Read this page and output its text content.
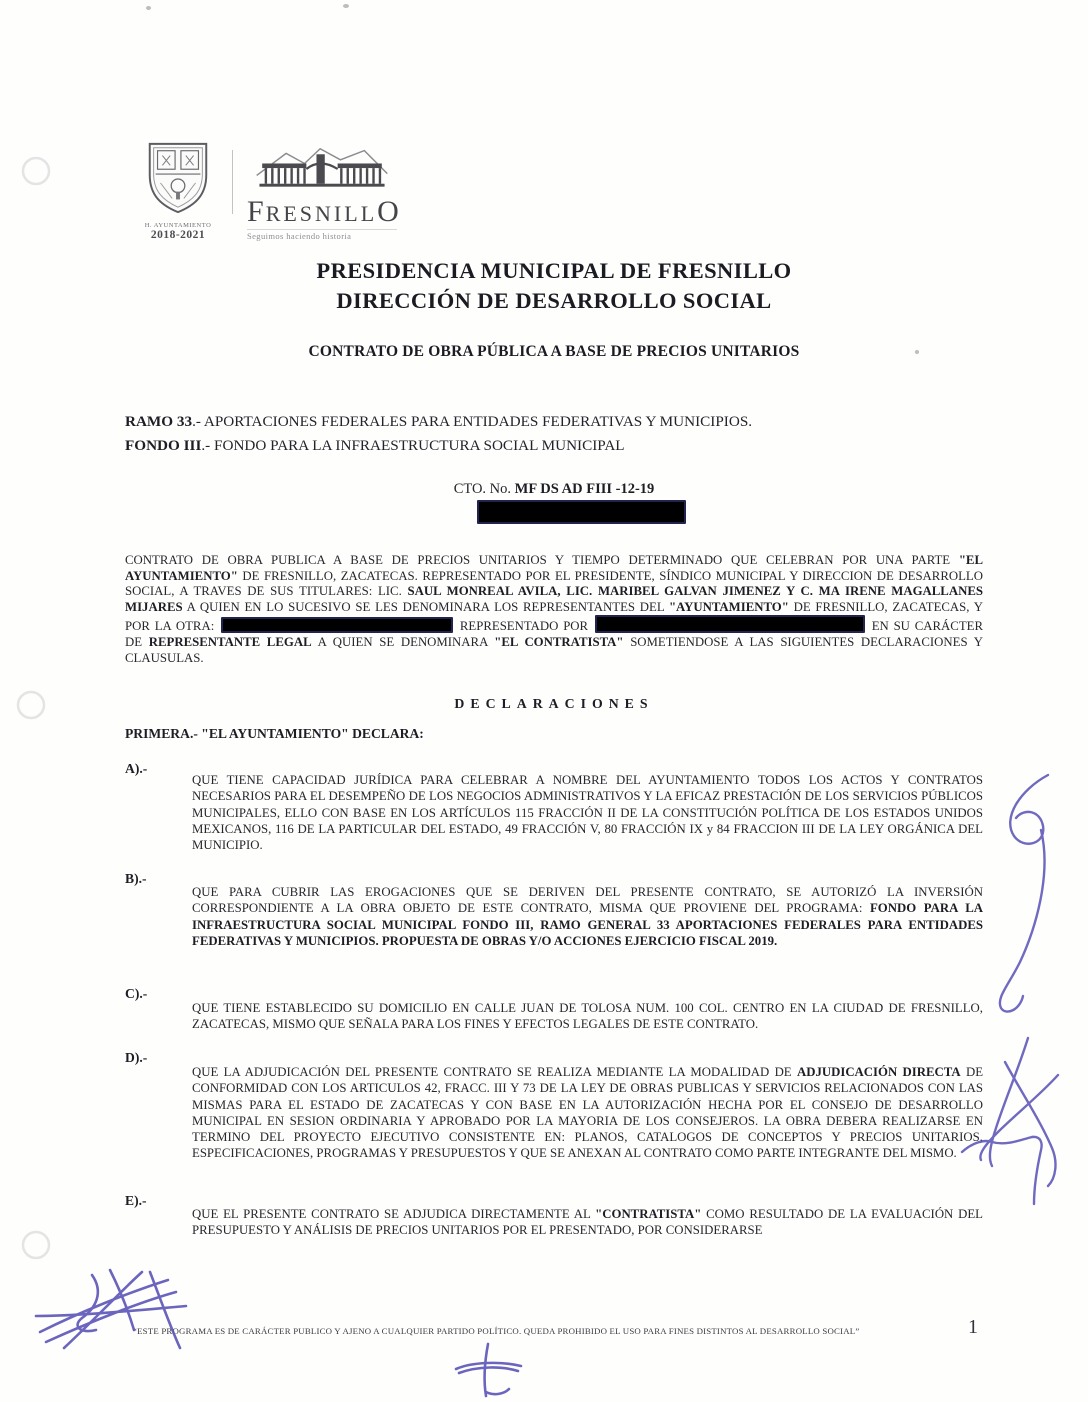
H. AYUNTAMIENTO
2018-2021
FRESNILLO
Seguimos haciendo historia
PRESIDENCIA MUNICIPAL DE FRESNILLO
DIRECCIÓN DE DESARROLLO SOCIAL
CONTRATO DE OBRA PÚBLICA A BASE DE PRECIOS UNITARIOS
RAMO 33.- APORTACIONES FEDERALES PARA ENTIDADES FEDERATIVAS Y MUNICIPIOS.
FONDO III.- FONDO PARA LA INFRAESTRUCTURA SOCIAL MUNICIPAL
CTO. No. MF DS AD FIII -12-19
CONTRATO DE OBRA PUBLICA A BASE DE PRECIOS UNITARIOS Y TIEMPO DETERMINADO QUE CELEBRAN POR UNA PARTE "EL AYUNTAMIENTO" DE FRESNILLO, ZACATECAS. REPRESENTADO POR EL PRESIDENTE, SÍNDICO MUNICIPAL Y DIRECCION DE DESARROLLO SOCIAL, A TRAVES DE SUS TITULARES: LIC. SAUL MONREAL AVILA, LIC. MARIBEL GALVAN JIMENEZ Y C. MA IRENE MAGALLANES MIJARES A QUIEN EN LO SUCESIVO SE LES DENOMINARA LOS REPRESENTANTES DEL "AYUNTAMIENTO" DE FRESNILLO, ZACATECAS, Y POR LA OTRA:	REPRESENTADO POR	EN SU CARÁCTER DE REPRESENTANTE LEGAL A QUIEN SE DENOMINARA "EL CONTRATISTA" SOMETIENDOSE A LAS SIGUIENTES DECLARACIONES Y CLAUSULAS.
DECLARACIONES
PRIMERA.- "EL AYUNTAMIENTO" DECLARA:
A).-
QUE TIENE CAPACIDAD JURÍDICA PARA CELEBRAR A NOMBRE DEL AYUNTAMIENTO TODOS LOS ACTOS Y CONTRATOS NECESARIOS PARA EL DESEMPEÑO DE LOS NEGOCIOS ADMINISTRATIVOS Y LA EFICAZ PRESTACIÓN DE LOS SERVICIOS PÚBLICOS MUNICIPALES, ELLO CON BASE EN LOS ARTÍCULOS 115 FRACCIÓN II DE LA CONSTITUCIÓN POLÍTICA DE LOS ESTADOS UNIDOS MEXICANOS, 116 DE LA PARTICULAR DEL ESTADO, 49 FRACCIÓN V, 80 FRACCIÓN IX y 84 FRACCION III DE LA LEY ORGÁNICA DEL MUNICIPIO.
B).-
QUE PARA CUBRIR LAS EROGACIONES QUE SE DERIVEN DEL PRESENTE CONTRATO, SE AUTORIZÓ LA INVERSIÓN CORRESPONDIENTE A LA OBRA OBJETO DE ESTE CONTRATO, MISMA QUE PROVIENE DEL PROGRAMA: FONDO PARA LA INFRAESTRUCTURA SOCIAL MUNICIPAL FONDO III, RAMO GENERAL 33 APORTACIONES FEDERALES PARA ENTIDADES FEDERATIVAS Y MUNICIPIOS. PROPUESTA DE OBRAS Y/O ACCIONES EJERCICIO FISCAL 2019.
C).-
QUE TIENE ESTABLECIDO SU DOMICILIO EN CALLE JUAN DE TOLOSA NUM. 100 COL. CENTRO EN LA CIUDAD DE FRESNILLO, ZACATECAS, MISMO QUE SEÑALA PARA LOS FINES Y EFECTOS LEGALES DE ESTE CONTRATO.
D).-
QUE LA ADJUDICACIÓN DEL PRESENTE CONTRATO SE REALIZA MEDIANTE LA MODALIDAD DE ADJUDICACIÓN DIRECTA DE CONFORMIDAD CON LOS ARTICULOS 42, FRACC. III Y 73 DE LA LEY DE OBRAS PUBLICAS Y SERVICIOS RELACIONADOS CON LAS MISMAS PARA EL ESTADO DE ZACATECAS Y CON BASE EN LA AUTORIZACIÓN HECHA POR EL CONSEJO DE DESARROLLO MUNICIPAL EN SESION ORDINARIA Y APROBADO POR LA MAYORIA DE LOS CONSEJEROS. LA OBRA DEBERA REALIZARSE EN TERMINO DEL PROYECTO EJECUTIVO CONSISTENTE EN: PLANOS, CATALOGOS DE CONCEPTOS Y PRECIOS UNITARIOS, ESPECIFICACIONES, PROGRAMAS Y PRESUPUESTOS Y QUE SE ANEXAN AL CONTRATO COMO PARTE INTEGRANTE DEL MISMO.
E).-
QUE EL PRESENTE CONTRATO SE ADJUDICA DIRECTAMENTE AL "CONTRATISTA" COMO RESULTADO DE LA EVALUACIÓN DEL PRESUPUESTO Y ANÁLISIS DE PRECIOS UNITARIOS POR EL PRESENTADO, POR CONSIDERARSE
“ESTE PROGRAMA ES DE CARÁCTER PUBLICO Y AJENO A CUALQUIER PARTIDO POLÍTICO. QUEDA PROHIBIDO EL USO PARA FINES DISTINTOS AL DESARROLLO SOCIAL”	1
